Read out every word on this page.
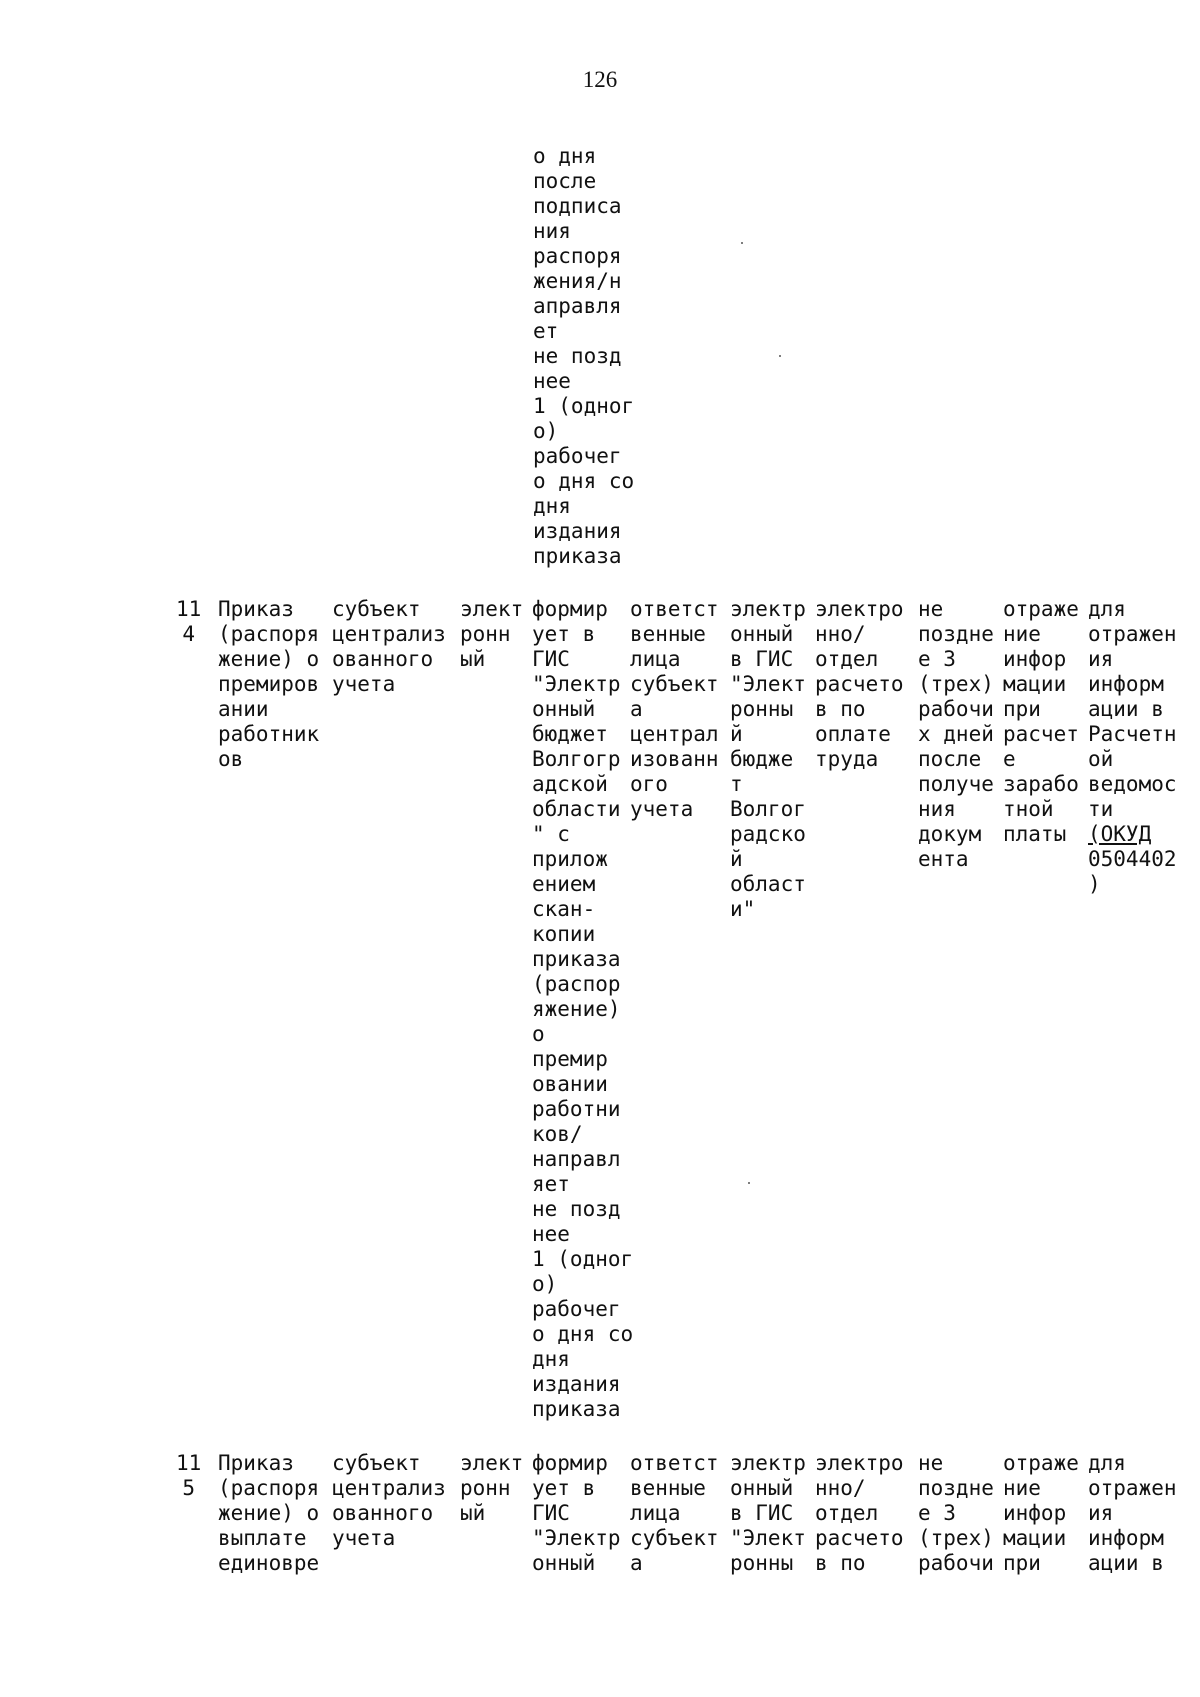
126
о дня
после
подписа
ния
распоря
жения/н
аправля
ет
не позд
нее
1 (одног
о)
рабочег
о дня со
дня
издания
приказа
11
4
Приказ
(распоря
жение) о
премиров
ании
работник
ов
субъект
централиз
ованного
учета
элект
ронн
ый
формир
ует в
ГИС
"Электр
онный
бюджет
Волгогр
адской
области
" с
прилож
ением
скан-
копии
приказа
(распор
яжение)
о
премир
овании
работни
ков/
направл
яет
не позд
нее
1 (одног
о)
рабочег
о дня со
дня
издания
приказа
ответст
венные
лица
субъект
а
централ
изованн
ого
учета
электр
онный
в ГИС
"Элект
ронны
й
бюдже
т
Волгог
радско
й
област
и"
электро
нно/
отдел
расчето
в по
оплате
труда
не
поздне
е 3
(трех)
рабочи
х дней
после
получе
ния
докум
ента
отраже
ние
инфор
мации
при
расчет
е
зарабо
тной
платы
для
отражен
ия
информ
ации в
Расчетн
ой
ведомос
ти
(ОКУД
0504402
)
11
5
Приказ
(распоря
жение) о
выплате
единовре
субъект
централиз
ованного
учета
элект
ронн
ый
формир
ует в
ГИС
"Электр
онный
ответст
венные
лица
субъект
а
электр
онный
в ГИС
"Элект
ронны
электро
нно/
отдел
расчето
в по
не
поздне
е 3
(трех)
рабочи
отраже
ние
инфор
мации
при
для
отражен
ия
информ
ации в
